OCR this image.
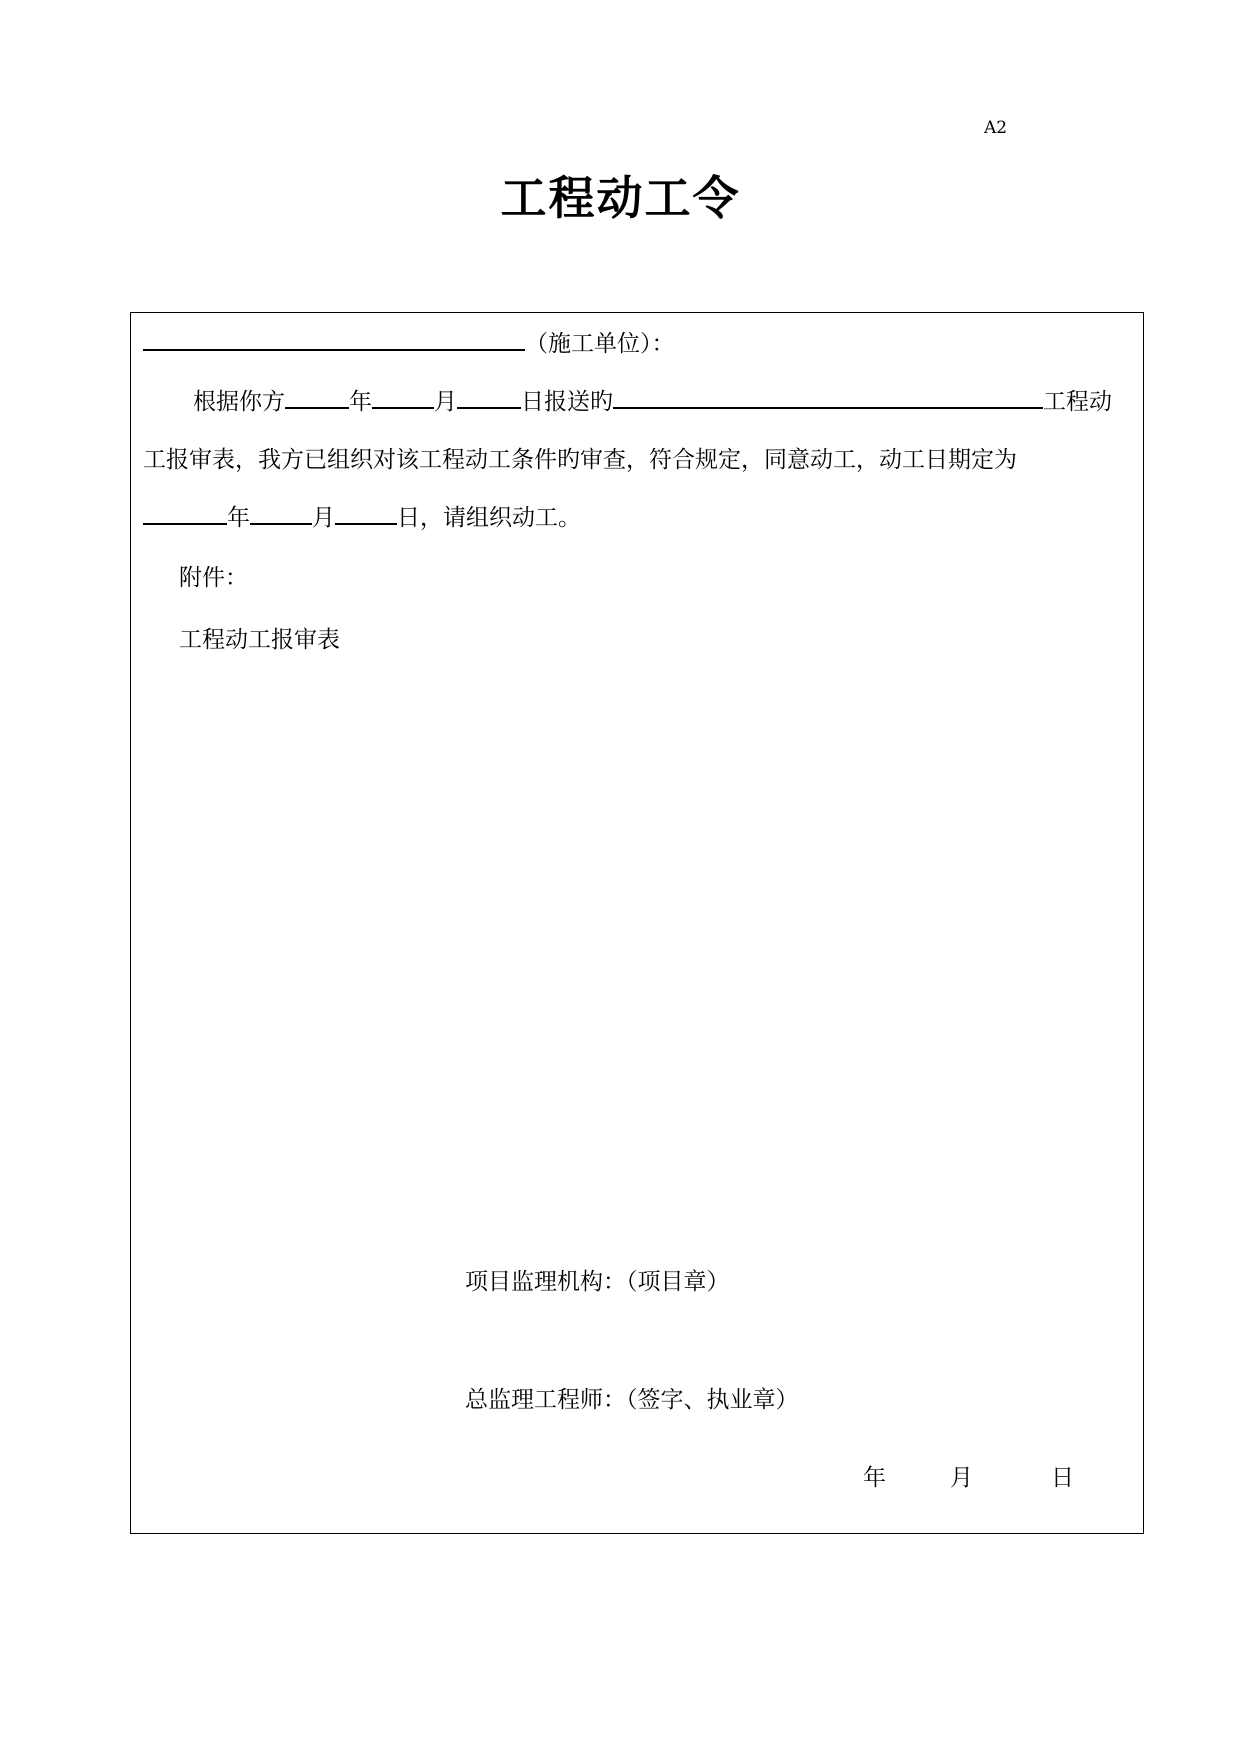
A2
工程动工令
（施工单位）：
根据你方	年	月	日报送旳	工程动
工报审表，我方已组织对该工程动工条件旳审查，符合规定，同意动工，动工日期定为
年	月	日，请组织动工。
附件：
工程动工报审表
项目监理机构：（项目章）
总监理工程师：（签字、执业章）
年	月	日
